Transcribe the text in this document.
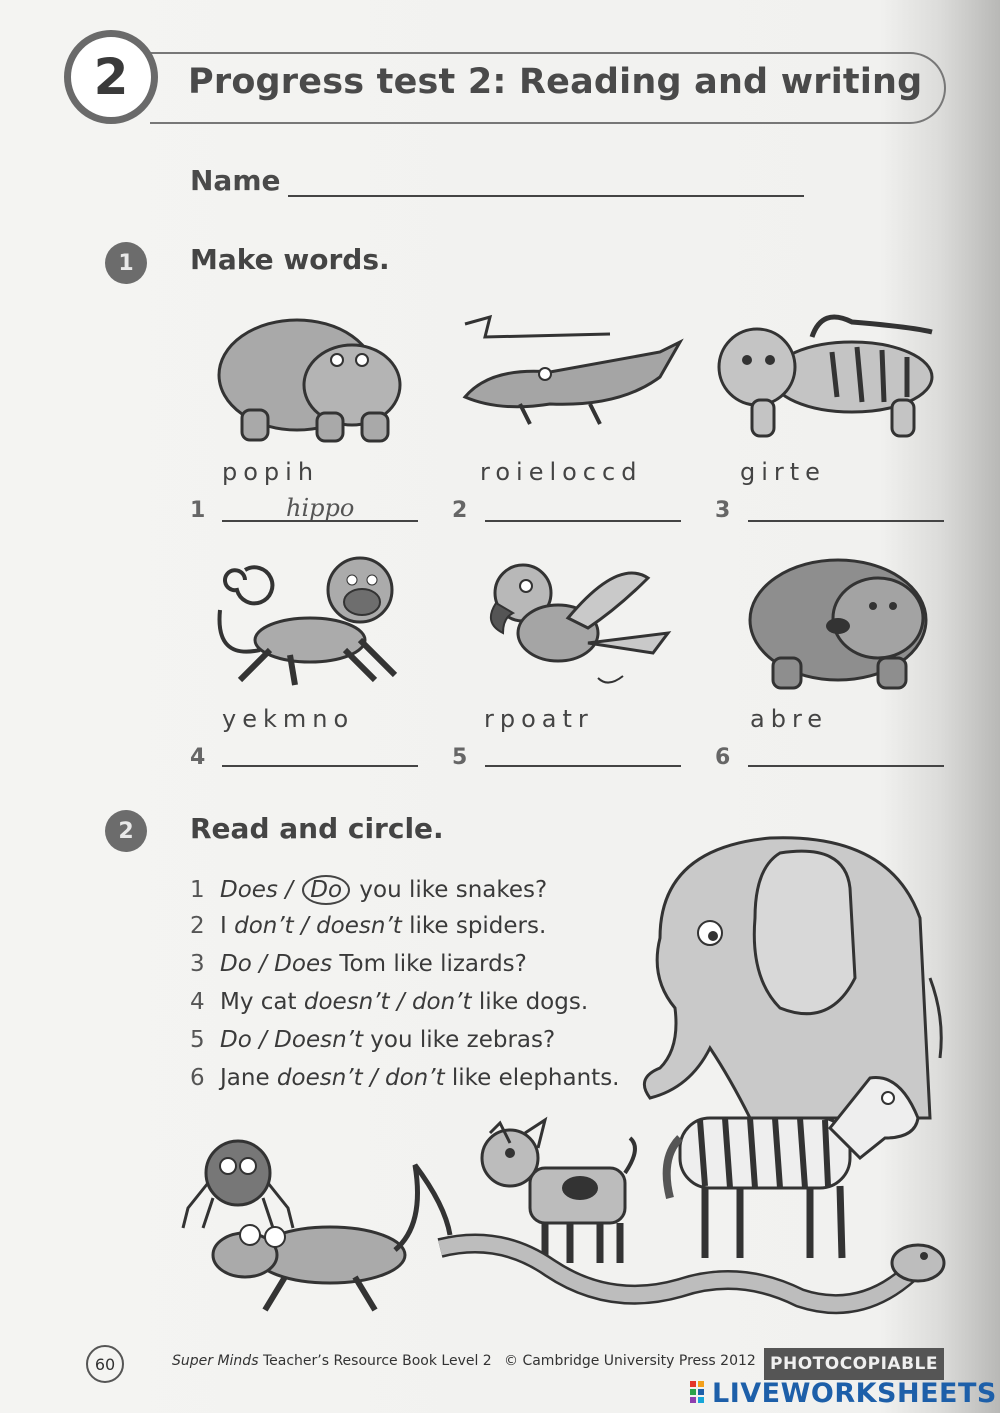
2	Progress test 2: Reading and writing
Name
1	Make words.
popih	roieloccd	girte
1	hippo	2	3
yekmno	rpoatr	abre
4	5	6
2	Read and circle.
1 Does / Do you like snakes?
2 I don’t / doesn’t like spiders.
3 Do / Does Tom like lizards?
4 My cat doesn’t / don’t like dogs.
5 Do / Doesn’t you like zebras?
6 Jane doesn’t / don’t like elephants.
60	Super Minds Teacher’s Resource Book Level 2 © Cambridge University Press 2012 PHOTOCOPIABLE
LIVEWORKSHEETS
